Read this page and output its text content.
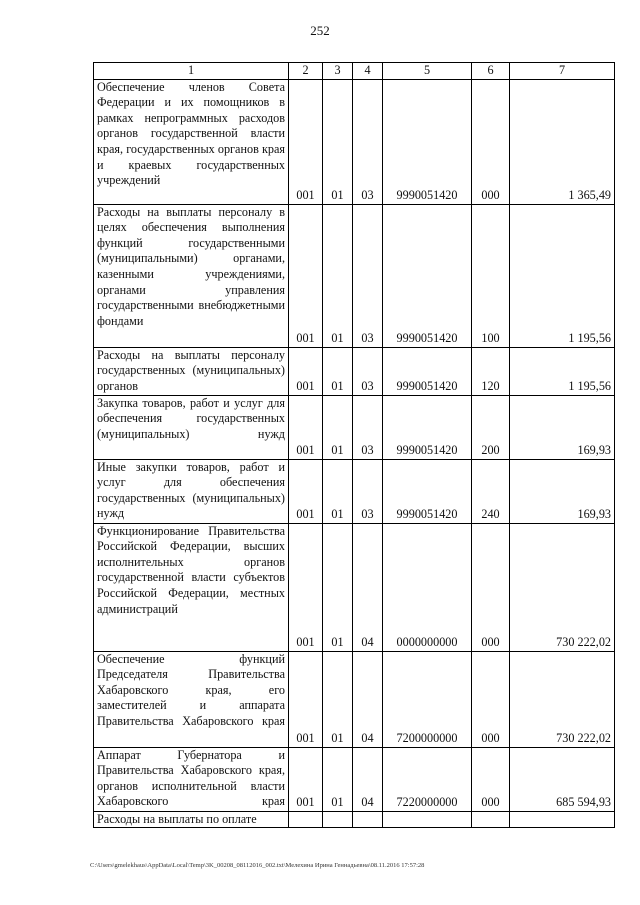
252
1	2	3	4	5	6	7
Обеспечение членов Совета Федерации и их помощников в рамках непрограммных расходов органов государственной власти края, государственных органов края и краевых государственных учреждений	001	01	03	9990051420	000	1 365,49
Расходы на выплаты персоналу в целях обеспечения выполнения функций государственными (муниципальными) органами, казенными учреждениями, органами управления государственными внебюджетными фондами	001	01	03	9990051420	100	1 195,56
Расходы на выплаты персоналу государственных (муниципальных) органов	001	01	03	9990051420	120	1 195,56
Закупка товаров, работ и услуг для обеспечения государственных (муниципальных) нужд	001	01	03	9990051420	200	169,93
Иные закупки товаров, работ и услуг для обеспечения государственных (муниципальных) нужд	001	01	03	9990051420	240	169,93
Функционирование Правительства Российской Федерации, высших исполнительных органов государственной власти субъектов Российской Федерации, местных администраций	001	01	04	0000000000	000	730 222,02
Обеспечение функций Председателя Правительства Хабаровского края, его заместителей и аппарата Правительства Хабаровского края	001	01	04	7200000000	000	730 222,02
Аппарат Губернатора и Правительства Хабаровского края, органов исполнительной власти Хабаровского края	001	01	04	7220000000	000	685 594,93
Расходы на выплаты по оплате						
C:\Users\gmelekhaus\AppData\Local\Temp\3K_00208_08112016_002.txt\Мелехина Ирина Геннадьевна\08.11.2016 17:57:28
